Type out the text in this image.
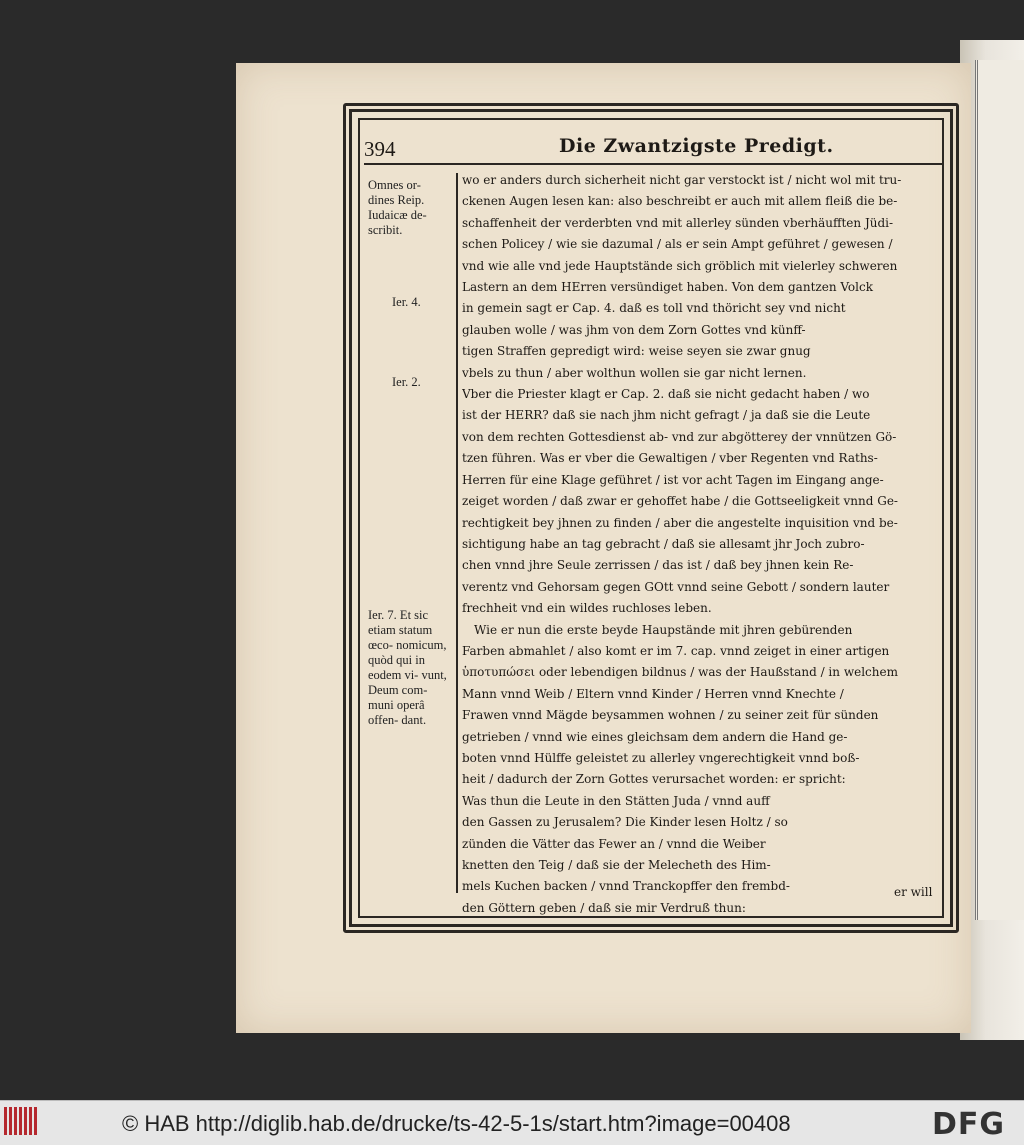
394	Die Zwantzigste Predigt.
Omnes or- dines Reip. Iudaicæ de- scribit.
Ier. 4.
Ier. 2.
Ier. 7. Et sic etiam statum œco- nomicum, quòd qui in eodem vi- vunt, Deum com- muni operâ offen- dant.
wo er anders durch sicherheit nicht gar verstockt ist / nicht wol mit tru-
ckenen Augen lesen kan: also beschreibt er auch mit allem fleiß die be-
schaffenheit der verderbten vnd mit allerley sünden vberhäufften Jüdi-
schen Policey / wie sie dazumal / als er sein Ampt geführet / gewesen /
vnd wie alle vnd jede Hauptstände sich gröblich mit vielerley schweren
Lastern an dem HErren versündiget haben. Von dem gantzen Volck
in gemein sagt er Cap. 4. daß es toll vnd thöricht sey vnd nicht
glauben wolle / was jhm von dem Zorn Gottes vnd künff-
tigen Straffen gepredigt wird: weise seyen sie zwar gnug
vbels zu thun / aber wolthun wollen sie gar nicht lernen.
Vber die Priester klagt er Cap. 2. daß sie nicht gedacht haben / wo
ist der HERR? daß sie nach jhm nicht gefragt / ja daß sie die Leute
von dem rechten Gottesdienst ab- vnd zur abgötterey der vnnützen Gö-
tzen führen. Was er vber die Gewaltigen / vber Regenten vnd Raths-
Herren für eine Klage geführet / ist vor acht Tagen im Eingang ange-
zeiget worden / daß zwar er gehoffet habe / die Gottseeligkeit vnnd Ge-
rechtigkeit bey jhnen zu finden / aber die angestelte inquisition vnd be-
sichtigung habe an tag gebracht / daß sie allesamt jhr Joch zubro-
chen vnnd jhre Seule zerrissen / das ist / daß bey jhnen kein Re-
verentz vnd Gehorsam gegen GOtt vnnd seine Gebott / sondern lauter
frechheit vnd ein wildes ruchloses leben.
Wie er nun die erste beyde Haupstände mit jhren gebürenden
Farben abmahlet / also komt er im 7. cap. vnnd zeiget in einer artigen
ὑποτυπώσει oder lebendigen bildnus / was der Haußstand / in welchem
Mann vnnd Weib / Eltern vnnd Kinder / Herren vnnd Knechte /
Frawen vnnd Mägde beysammen wohnen / zu seiner zeit für sünden
getrieben / vnnd wie eines gleichsam dem andern die Hand ge-
boten vnnd Hülffe geleistet zu allerley vngerechtigkeit vnnd boß-
heit / dadurch der Zorn Gottes verursachet worden: er spricht:
Was thun die Leute in den Stätten Juda / vnnd auff
den Gassen zu Jerusalem? Die Kinder lesen Holtz / so
zünden die Vätter das Fewer an / vnnd die Weiber
knetten den Teig / daß sie der Melecheth des Him-
mels Kuchen backen / vnnd Tranckopffer den frembd-
den Göttern geben / daß sie mir Verdruß thun:
er will
© HAB http://diglib.hab.de/drucke/ts-42-5-1s/start.htm?image=00408	DFG
